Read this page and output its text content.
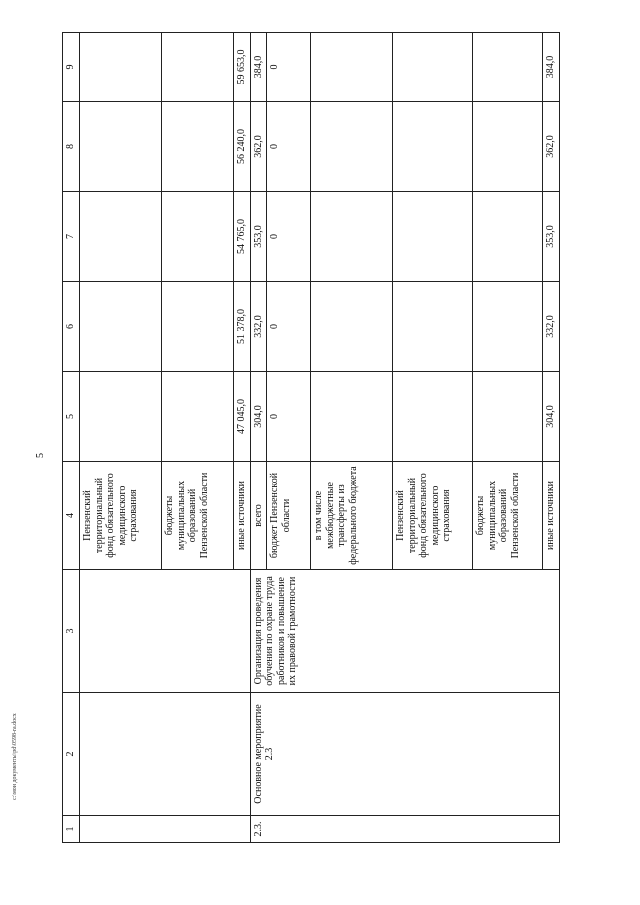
5
1	2	3	4	5	6	7	8	9
			Пензенский территориальный фонд обязательного медицинского страхования					
			бюджеты муниципальных образований Пензенской области					
			иные источники	47 045,0	51 378,0	54 765,0	56 240,0	59 653,0
2.3.	Основное мероприятие 2.3	Организация проведения обучения по охране труда работников и повышение их правовой грамотности	всего	304,0	332,0	353,0	362,0	384,0
			бюджет Пензенской области	0	0	0	0	0
			в том числе межбюджетные трансферты из федерального бюджета					
			Пензенский территориальный фонд обязательного медицинского страхования					
			бюджеты муниципальных образований Пензенской области					
			иные источники	304,0	332,0	353,0	362,0	384,0
c:\мои документы\pd\0598-ra.docx
